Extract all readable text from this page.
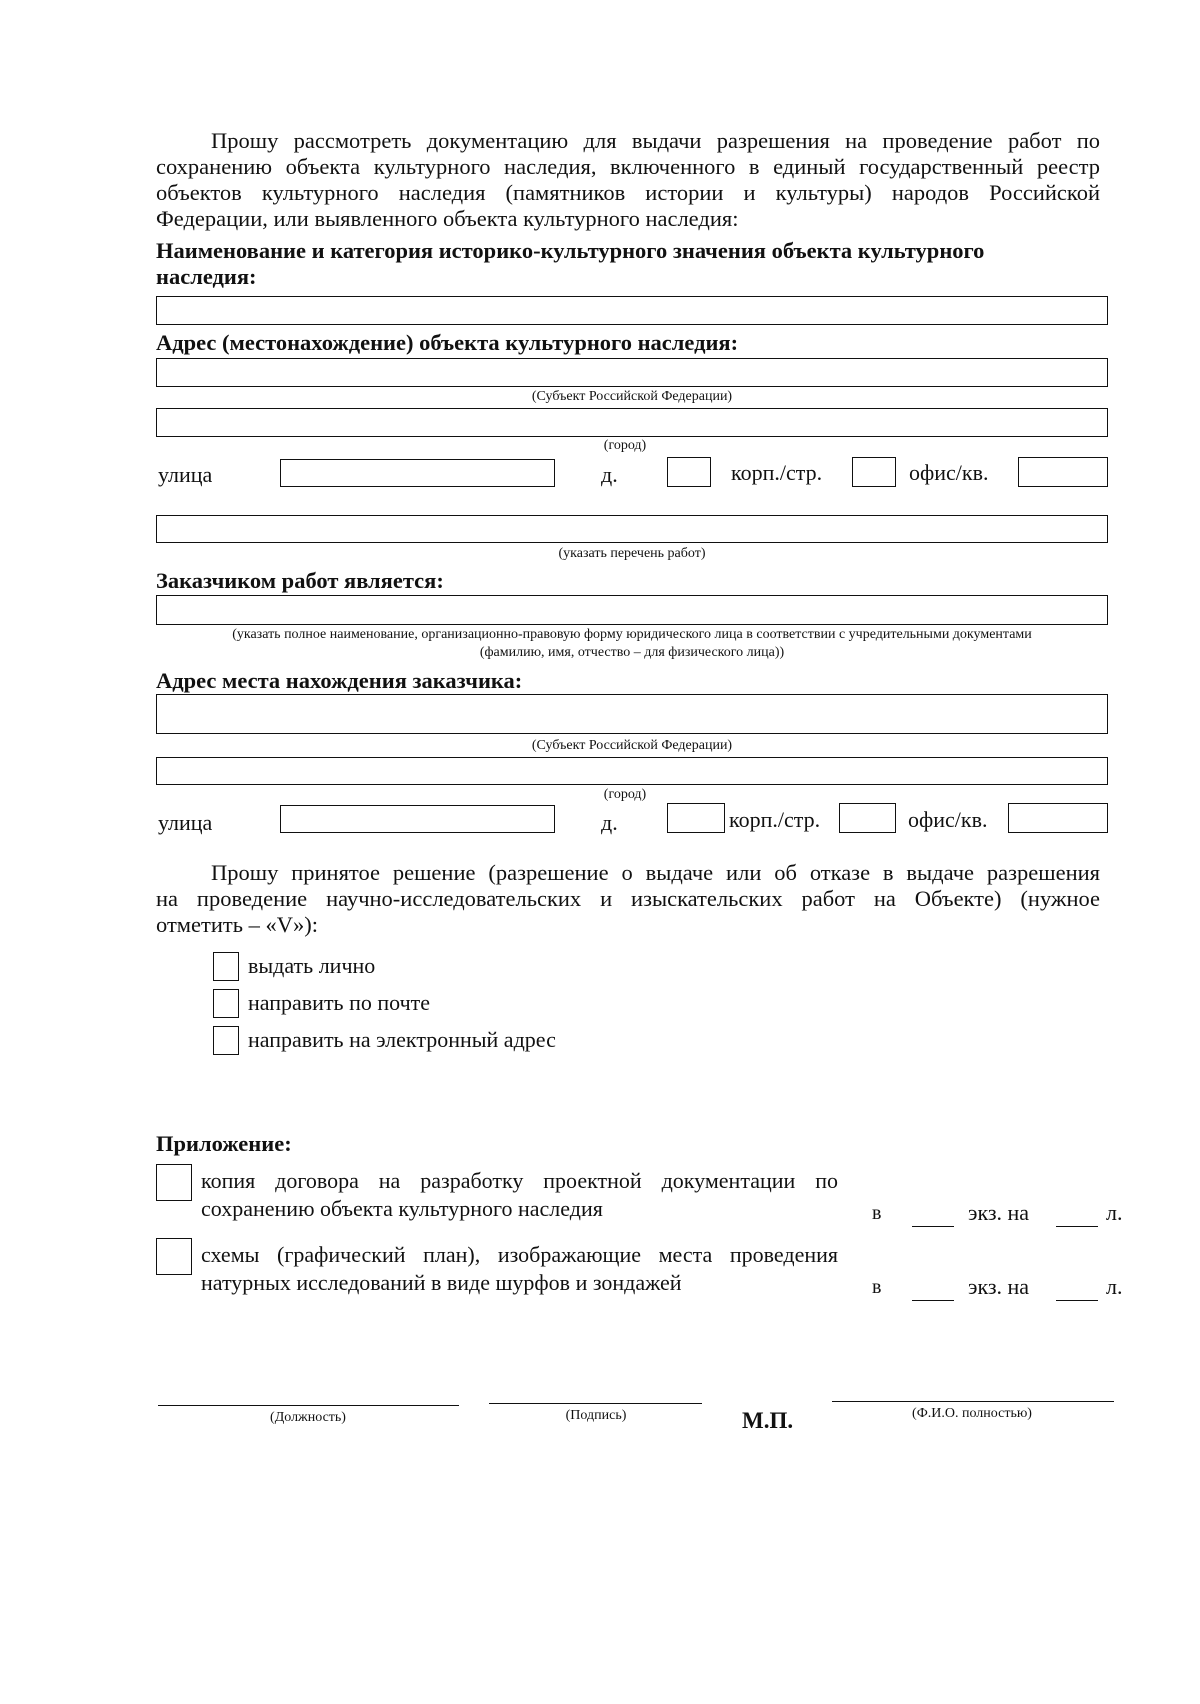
Прошу рассмотреть документацию для выдачи разрешения на проведение работ по
сохранению объекта культурного наследия, включенного в единый государственный реестр
объектов культурного наследия (памятников истории и культуры) народов Российской
Федерации, или выявленного объекта культурного наследия:
Наименование и категория историко-культурного значения объекта культурного
наследия:
Адрес (местонахождение) объекта культурного наследия:
(Субъект Российской Федерации)
(город)
улица	д.	корп./стр.	офис/кв.
(указать перечень работ)
Заказчиком работ является:
(указать полное наименование, организационно-правовую форму юридического лица в соответствии с учредительными документами
(фамилию, имя, отчество – для физического лица))
Адрес места нахождения заказчика:
(Субъект Российской Федерации)
(город)
улица	д.	корп./стр.	офис/кв.
Прошу принятое решение (разрешение о выдаче или об отказе в выдаче разрешения
на проведение научно-исследовательских и изыскательских работ на Объекте) (нужное
отметить – «V»):
выдать лично
направить по почте
направить на электронный адрес
Приложение:
копия договора на разработку проектной документации по
сохранению объекта культурного наследия	в	экз. на	л.
схемы (графический план), изображающие места проведения
натурных исследований в виде шурфов и зондажей	в	экз. на	л.
(Должность)	(Подпись)	М.П.	(Ф.И.О. полностью)
